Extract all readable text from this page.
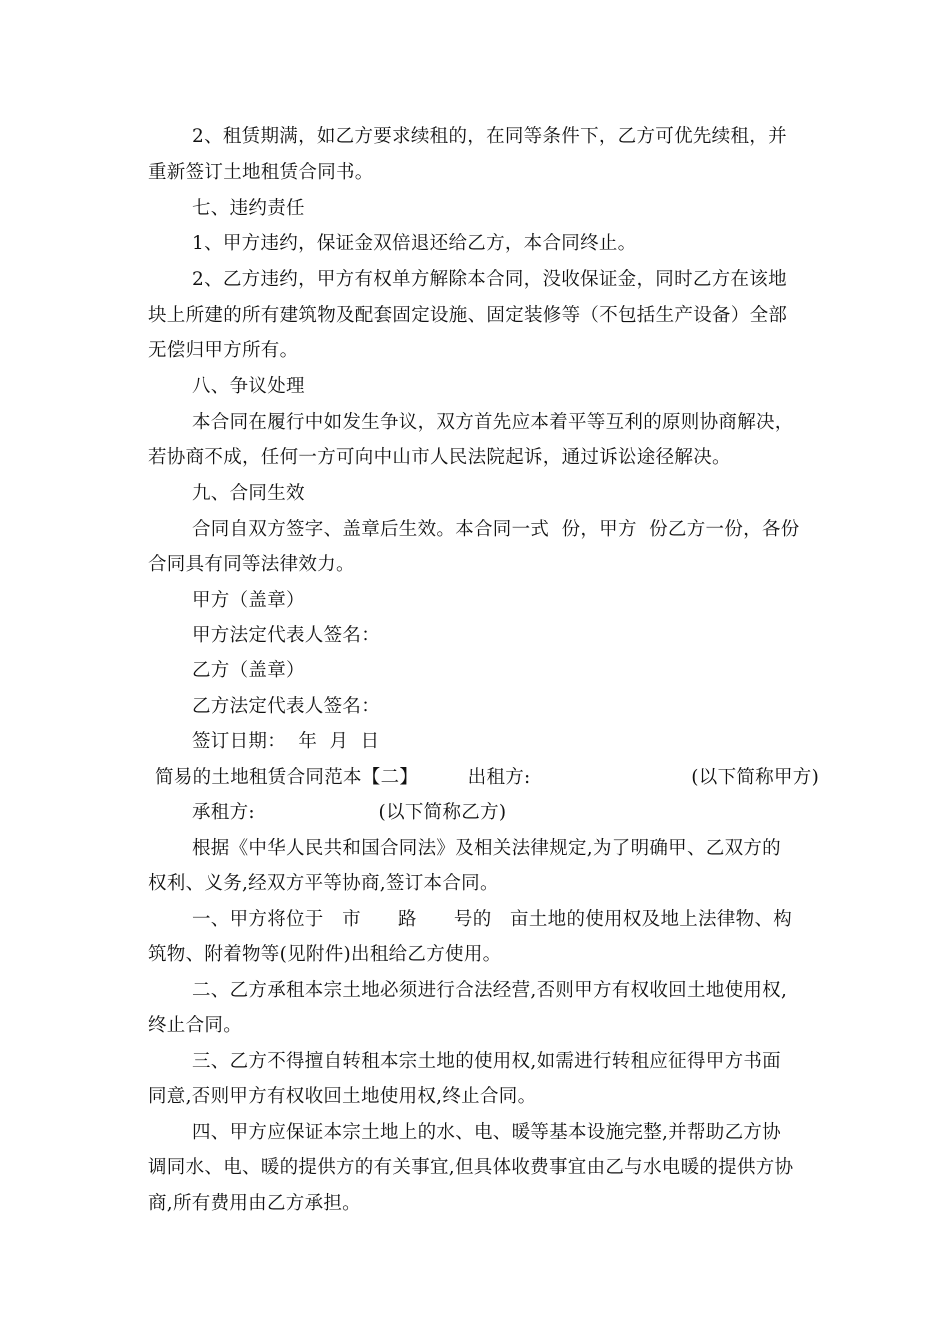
2、租赁期满，如乙方要求续租的，在同等条件下，乙方可优先续租，并
重新签订土地租赁合同书。
七、违约责任
1、甲方违约，保证金双倍退还给乙方，本合同终止。
2、乙方违约，甲方有权单方解除本合同，没收保证金，同时乙方在该地
块上所建的所有建筑物及配套固定设施、固定装修等（不包括生产设备）全部
无偿归甲方所有。
八、争议处理
本合同在履行中如发生争议，双方首先应本着平等互利的原则协商解决，
若协商不成，任何一方可向中山市人民法院起诉，通过诉讼途径解决。
九、合同生效
合同自双方签字、盖章后生效。本合同一式  份，甲方  份乙方一份，各份
合同具有同等法律效力。
甲方（盖章）
甲方法定代表人签名：
乙方（盖章）
乙方法定代表人签名：
签订日期：  年  月  日
简易的土地租赁合同范本【二】        出租方:                          (以下简称甲方)
承租方:                    (以下简称乙方)
根据《中华人民共和国合同法》及相关法律规定,为了明确甲、乙双方的
权利、义务,经双方平等协商,签订本合同。
一、甲方将位于   市      路      号的   亩土地的使用权及地上法律物、构
筑物、附着物等(见附件)出租给乙方使用。
二、乙方承租本宗土地必须进行合法经营,否则甲方有权收回土地使用权,
终止合同。
三、乙方不得擅自转租本宗土地的使用权,如需进行转租应征得甲方书面
同意,否则甲方有权收回土地使用权,终止合同。
四、甲方应保证本宗土地上的水、电、暖等基本设施完整,并帮助乙方协
调同水、电、暖的提供方的有关事宜,但具体收费事宜由乙与水电暖的提供方协
商,所有费用由乙方承担。
